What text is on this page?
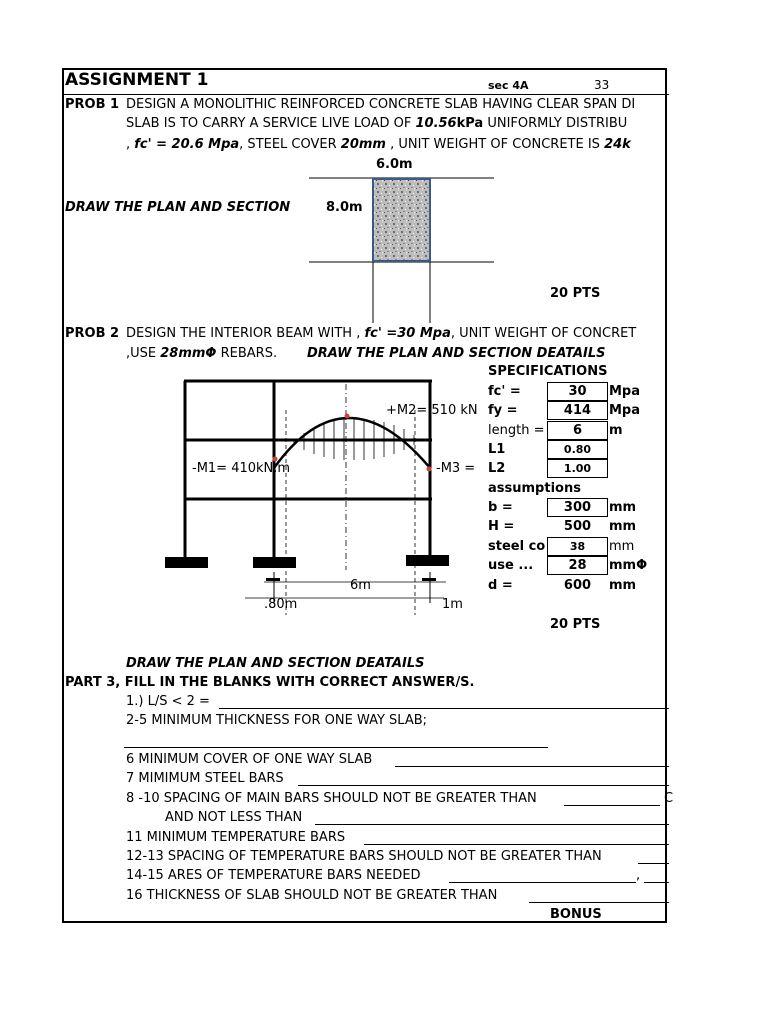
ASSIGNMENT 1	sec 4A	33
PROB 1 DESIGN A MONOLITHIC REINFORCED CONCRETE SLAB HAVING CLEAR SPAN DI
SLAB IS TO CARRY A SERVICE LIVE LOAD OF 10.56kPa UNIFORMLY DISTRIBU
, fc' = 20.6 Mpa, STEEL COVER 20mm , UNIT WEIGHT OF CONCRETE IS 24k
6.0m
DRAW THE PLAN AND SECTION	8.0m
20 PTS
PROB 2 DESIGN THE INTERIOR BEAM WITH , fc' =30 Mpa, UNIT WEIGHT OF CONCRET
,USE 28mmΦ REBARS. DRAW THE PLAN AND SECTION DEATAILS
+M2= 510 kN
-M1= 410kN.m	-M3 =
6m
.80m	1m
SPECIFICATIONS
fc' =	30	Mpa
fy =	414	Mpa
length =	6	m
L1	0.80
L2	1.00
assumptions
b =	300	mm
H =	500	mm
steel co	38	mm
use ...	28	mmΦ
d =	600	mm
20 PTS
DRAW THE PLAN AND SECTION DEATAILS
PART 3, FILL IN THE BLANKS WITH CORRECT ANSWER/S.
1.) L/S < 2 =
2-5 MINIMUM THICKNESS FOR ONE WAY SLAB;
6 MINIMUM COVER OF ONE WAY SLAB
7 MIMIMUM STEEL BARS
8 -10 SPACING OF MAIN BARS SHOULD NOT BE GREATER THAN	C
AND NOT LESS THAN
11 MINIMUM TEMPERATURE BARS
12-13 SPACING OF TEMPERATURE BARS SHOULD NOT BE GREATER THAN
14-15 ARES OF TEMPERATURE BARS NEEDED	,
16 THICKNESS OF SLAB SHOULD NOT BE GREATER THAN
BONUS
